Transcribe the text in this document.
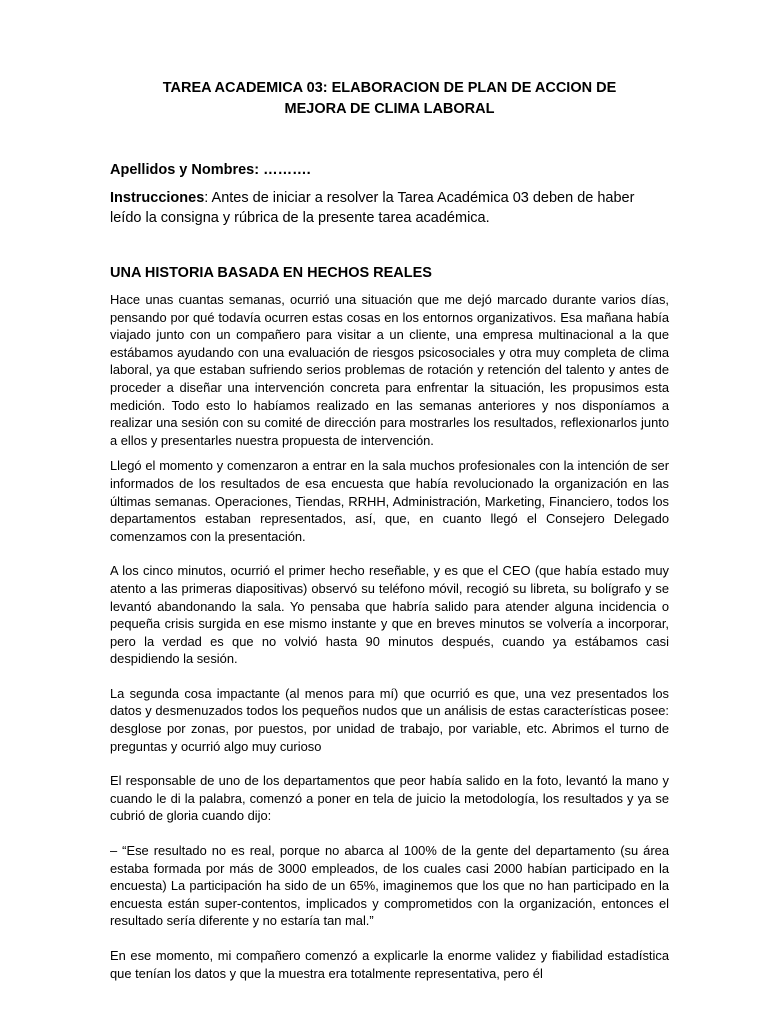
TAREA ACADEMICA 03: ELABORACION DE PLAN DE ACCION DE
MEJORA DE CLIMA LABORAL
Apellidos y Nombres: ……….
Instrucciones: Antes de iniciar a resolver la Tarea Académica 03 deben de haber leído la consigna y rúbrica de la presente tarea académica.
UNA HISTORIA BASADA EN HECHOS REALES

Hace unas cuantas semanas, ocurrió una situación que me dejó marcado durante varios días, pensando por qué todavía ocurren estas cosas en los entornos organizativos. Esa mañana había viajado junto con un compañero para visitar a un cliente, una empresa multinacional a la que estábamos ayudando con una evaluación de riesgos psicosociales y otra muy completa de clima laboral, ya que estaban sufriendo serios problemas de rotación y retención del talento y antes de proceder a diseñar una intervención concreta para enfrentar la situación, les propusimos esta medición. Todo esto lo habíamos realizado en las semanas anteriores y nos disponíamos a realizar una sesión con su comité de dirección para mostrarles los resultados, reflexionarlos junto a ellos y presentarles nuestra propuesta de intervención.

Llegó el momento y comenzaron a entrar en la sala muchos profesionales con la intención de ser informados de los resultados de esa encuesta que había revolucionado la organización en las últimas semanas. Operaciones, Tiendas, RRHH, Administración, Marketing, Financiero, todos los departamentos estaban representados, así, que, en cuanto llegó el Consejero Delegado comenzamos con la presentación.

A los cinco minutos, ocurrió el primer hecho reseñable, y es que el CEO (que había estado muy atento a las primeras diapositivas) observó su teléfono móvil, recogió su libreta, su bolígrafo y se levantó abandonando la sala. Yo pensaba que habría salido para atender alguna incidencia o pequeña crisis surgida en ese mismo instante y que en breves minutos se volvería a incorporar, pero la verdad es que no volvió hasta 90 minutos después, cuando ya estábamos casi despidiendo la sesión.

La segunda cosa impactante (al menos para mí) que ocurrió es que, una vez presentados los datos y desmenuzados todos los pequeños nudos que un análisis de estas características posee: desglose por zonas, por puestos, por unidad de trabajo, por variable, etc. Abrimos el turno de preguntas y ocurrió algo muy curioso

El responsable de uno de los departamentos que peor había salido en la foto, levantó la mano y cuando le di la palabra, comenzó a poner en tela de juicio la metodología, los resultados y ya se cubrió de gloria cuando dijo:

– “Ese resultado no es real, porque no abarca al 100% de la gente del departamento (su área estaba formada por más de 3000 empleados, de los cuales casi 2000 habían participado en la encuesta) La participación ha sido de un 65%, imaginemos que los que no han participado en la encuesta están super-contentos, implicados y comprometidos con la organización, entonces el resultado sería diferente y no estaría tan mal.”

En ese momento, mi compañero comenzó a explicarle la enorme validez y fiabilidad estadística que tenían los datos y que la muestra era totalmente representativa, pero él
